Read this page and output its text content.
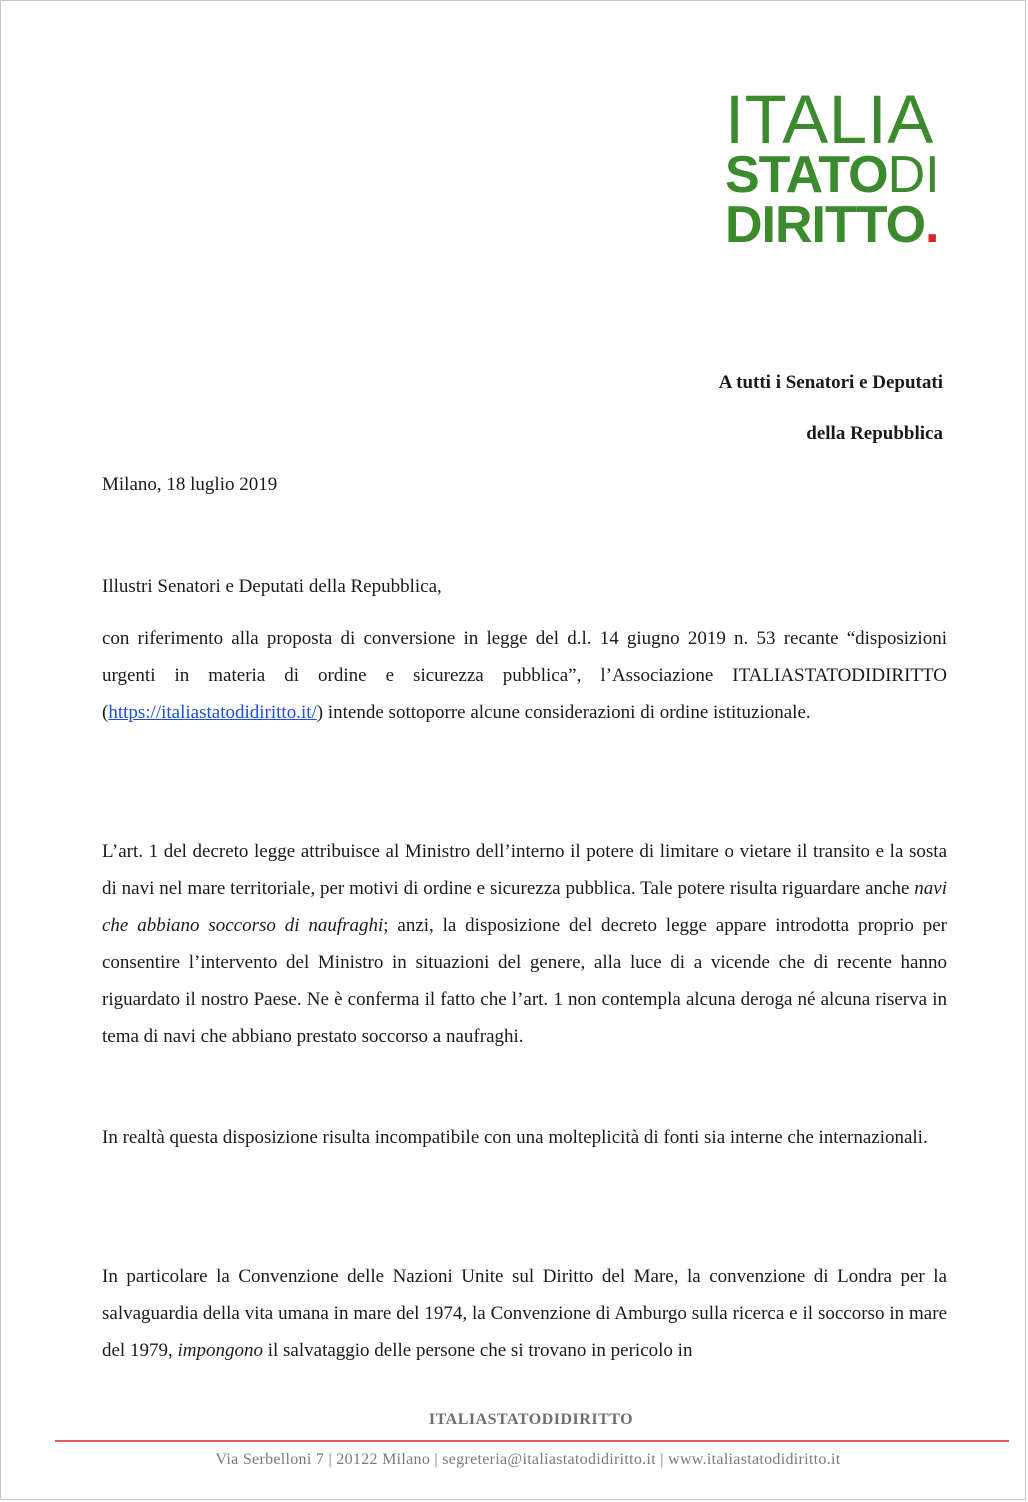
ITALIA
STATODI
DIRITTO.
A tutti i Senatori e Deputati
della Repubblica
Milano, 18 luglio 2019
Illustri Senatori e Deputati della Repubblica,

con riferimento alla proposta di conversione in legge del d.l. 14 giugno 2019 n. 53 recante “disposizioni urgenti in materia di ordine e sicurezza pubblica”, l’Associazione ITALIASTATODIDIRITTO (https://italiastatodidiritto.it/) intende sottoporre alcune considerazioni di ordine istituzionale.

L’art. 1 del decreto legge attribuisce al Ministro dell’interno il potere di limitare o vietare il transito e la sosta di navi nel mare territoriale, per motivi di ordine e sicurezza pubblica. Tale potere risulta riguardare anche navi che abbiano soccorso di naufraghi; anzi, la disposizione del decreto legge appare introdotta proprio per consentire l’intervento del Ministro in situazioni del genere, alla luce di a vicende che di recente hanno riguardato il nostro Paese. Ne è conferma il fatto che l’art. 1 non contempla alcuna deroga né alcuna riserva in tema di navi che abbiano prestato soccorso a naufraghi.

In realtà questa disposizione risulta incompatibile con una molteplicità di fonti sia interne che internazionali.

In particolare la Convenzione delle Nazioni Unite sul Diritto del Mare, la convenzione di Londra per la salvaguardia della vita umana in mare del 1974, la Convenzione di Amburgo sulla ricerca e il soccorso in mare del 1979, impongono il salvataggio delle persone che si trovano in pericolo in

ITALIASTATODIDIRITTO
Via Serbelloni 7 | 20122 Milano | segreteria@italiastatodidiritto.it | www.italiastatodidiritto.it
